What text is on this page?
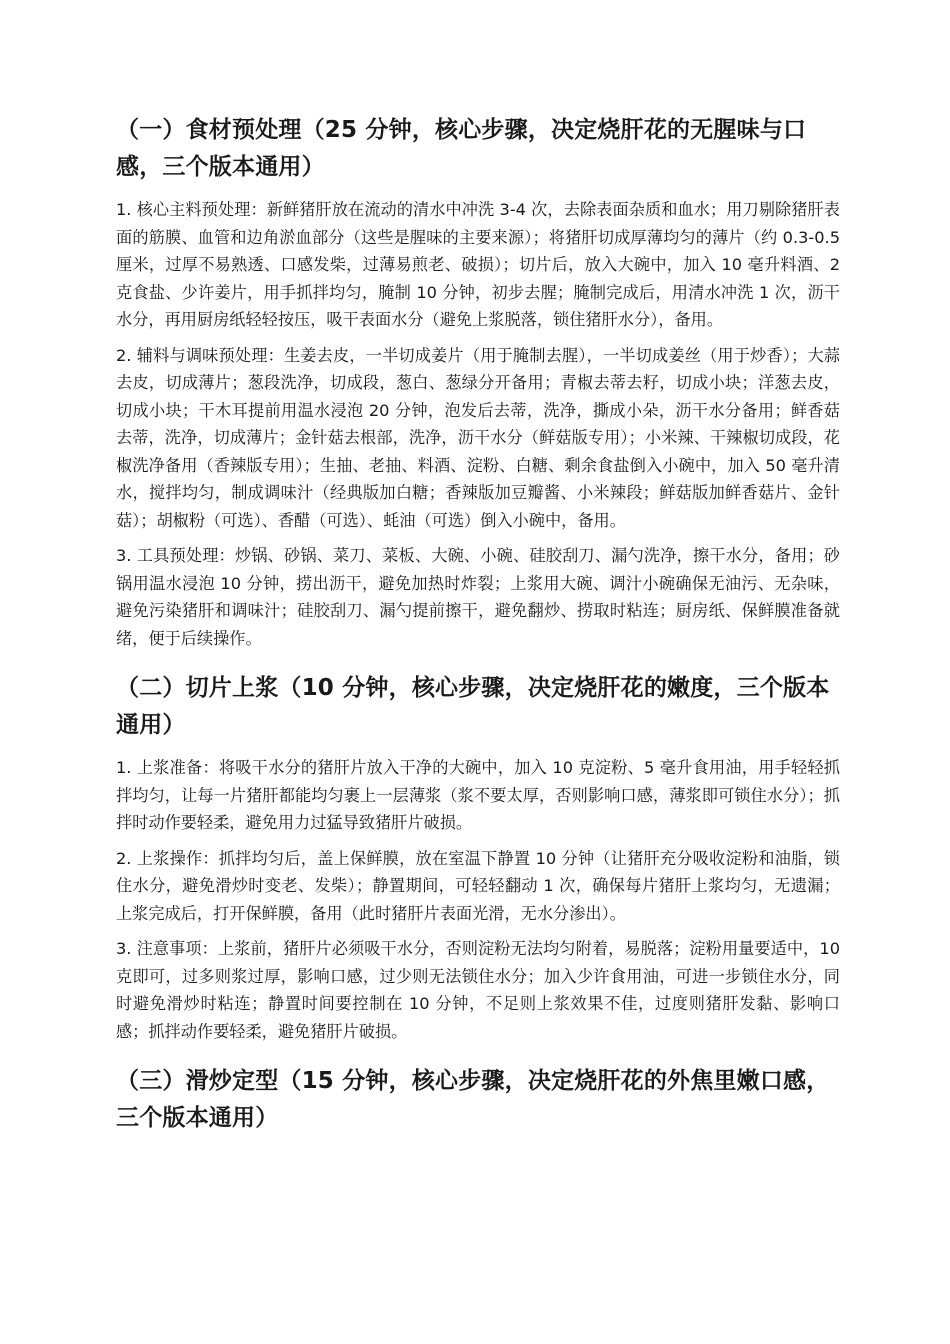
（一）食材预处理（25 分钟，核心步骤，决定烧肝花的无腥味与口感，三个版本通用）

1. 核心主料预处理：新鲜猪肝放在流动的清水中冲洗 3-4 次，去除表面杂质和血水；用刀剔除猪肝表面的筋膜、血管和边角淤血部分（这些是腥味的主要来源）；将猪肝切成厚薄均匀的薄片（约 0.3-0.5 厘米，过厚不易熟透、口感发柴，过薄易煎老、破损）；切片后，放入大碗中，加入 10 毫升料酒、2 克食盐、少许姜片，用手抓拌均匀，腌制 10 分钟，初步去腥；腌制完成后，用清水冲洗 1 次，沥干水分，再用厨房纸轻轻按压，吸干表面水分（避免上浆脱落，锁住猪肝水分），备用。

2. 辅料与调味预处理：生姜去皮，一半切成姜片（用于腌制去腥），一半切成姜丝（用于炒香）；大蒜去皮，切成薄片；葱段洗净，切成段，葱白、葱绿分开备用；青椒去蒂去籽，切成小块；洋葱去皮，切成小块；干木耳提前用温水浸泡 20 分钟，泡发后去蒂，洗净，撕成小朵，沥干水分备用；鲜香菇去蒂，洗净，切成薄片；金针菇去根部，洗净，沥干水分（鲜菇版专用）；小米辣、干辣椒切成段，花椒洗净备用（香辣版专用）；生抽、老抽、料酒、淀粉、白糖、剩余食盐倒入小碗中，加入 50 毫升清水，搅拌均匀，制成调味汁（经典版加白糖；香辣版加豆瓣酱、小米辣段；鲜菇版加鲜香菇片、金针菇）；胡椒粉（可选）、香醋（可选）、蚝油（可选）倒入小碗中，备用。

3. 工具预处理：炒锅、砂锅、菜刀、菜板、大碗、小碗、硅胶刮刀、漏勺洗净，擦干水分，备用；砂锅用温水浸泡 10 分钟，捞出沥干，避免加热时炸裂；上浆用大碗、调汁小碗确保无油污、无杂味，避免污染猪肝和调味汁；硅胶刮刀、漏勺提前擦干，避免翻炒、捞取时粘连；厨房纸、保鲜膜准备就绪，便于后续操作。

（二）切片上浆（10 分钟，核心步骤，决定烧肝花的嫩度，三个版本通用）

1. 上浆准备：将吸干水分的猪肝片放入干净的大碗中，加入 10 克淀粉、5 毫升食用油，用手轻轻抓拌均匀，让每一片猪肝都能均匀裹上一层薄浆（浆不要太厚，否则影响口感，薄浆即可锁住水分）；抓拌时动作要轻柔，避免用力过猛导致猪肝片破损。

2. 上浆操作：抓拌均匀后，盖上保鲜膜，放在室温下静置 10 分钟（让猪肝充分吸收淀粉和油脂，锁住水分，避免滑炒时变老、发柴）；静置期间，可轻轻翻动 1 次，确保每片猪肝上浆均匀，无遗漏；上浆完成后，打开保鲜膜，备用（此时猪肝片表面光滑，无水分渗出）。

3. 注意事项：上浆前，猪肝片必须吸干水分，否则淀粉无法均匀附着，易脱落；淀粉用量要适中，10 克即可，过多则浆过厚，影响口感，过少则无法锁住水分；加入少许食用油，可进一步锁住水分，同时避免滑炒时粘连；静置时间要控制在 10 分钟，不足则上浆效果不佳，过度则猪肝发黏、影响口感；抓拌动作要轻柔，避免猪肝片破损。

（三）滑炒定型（15 分钟，核心步骤，决定烧肝花的外焦里嫩口感，三个版本通用）
